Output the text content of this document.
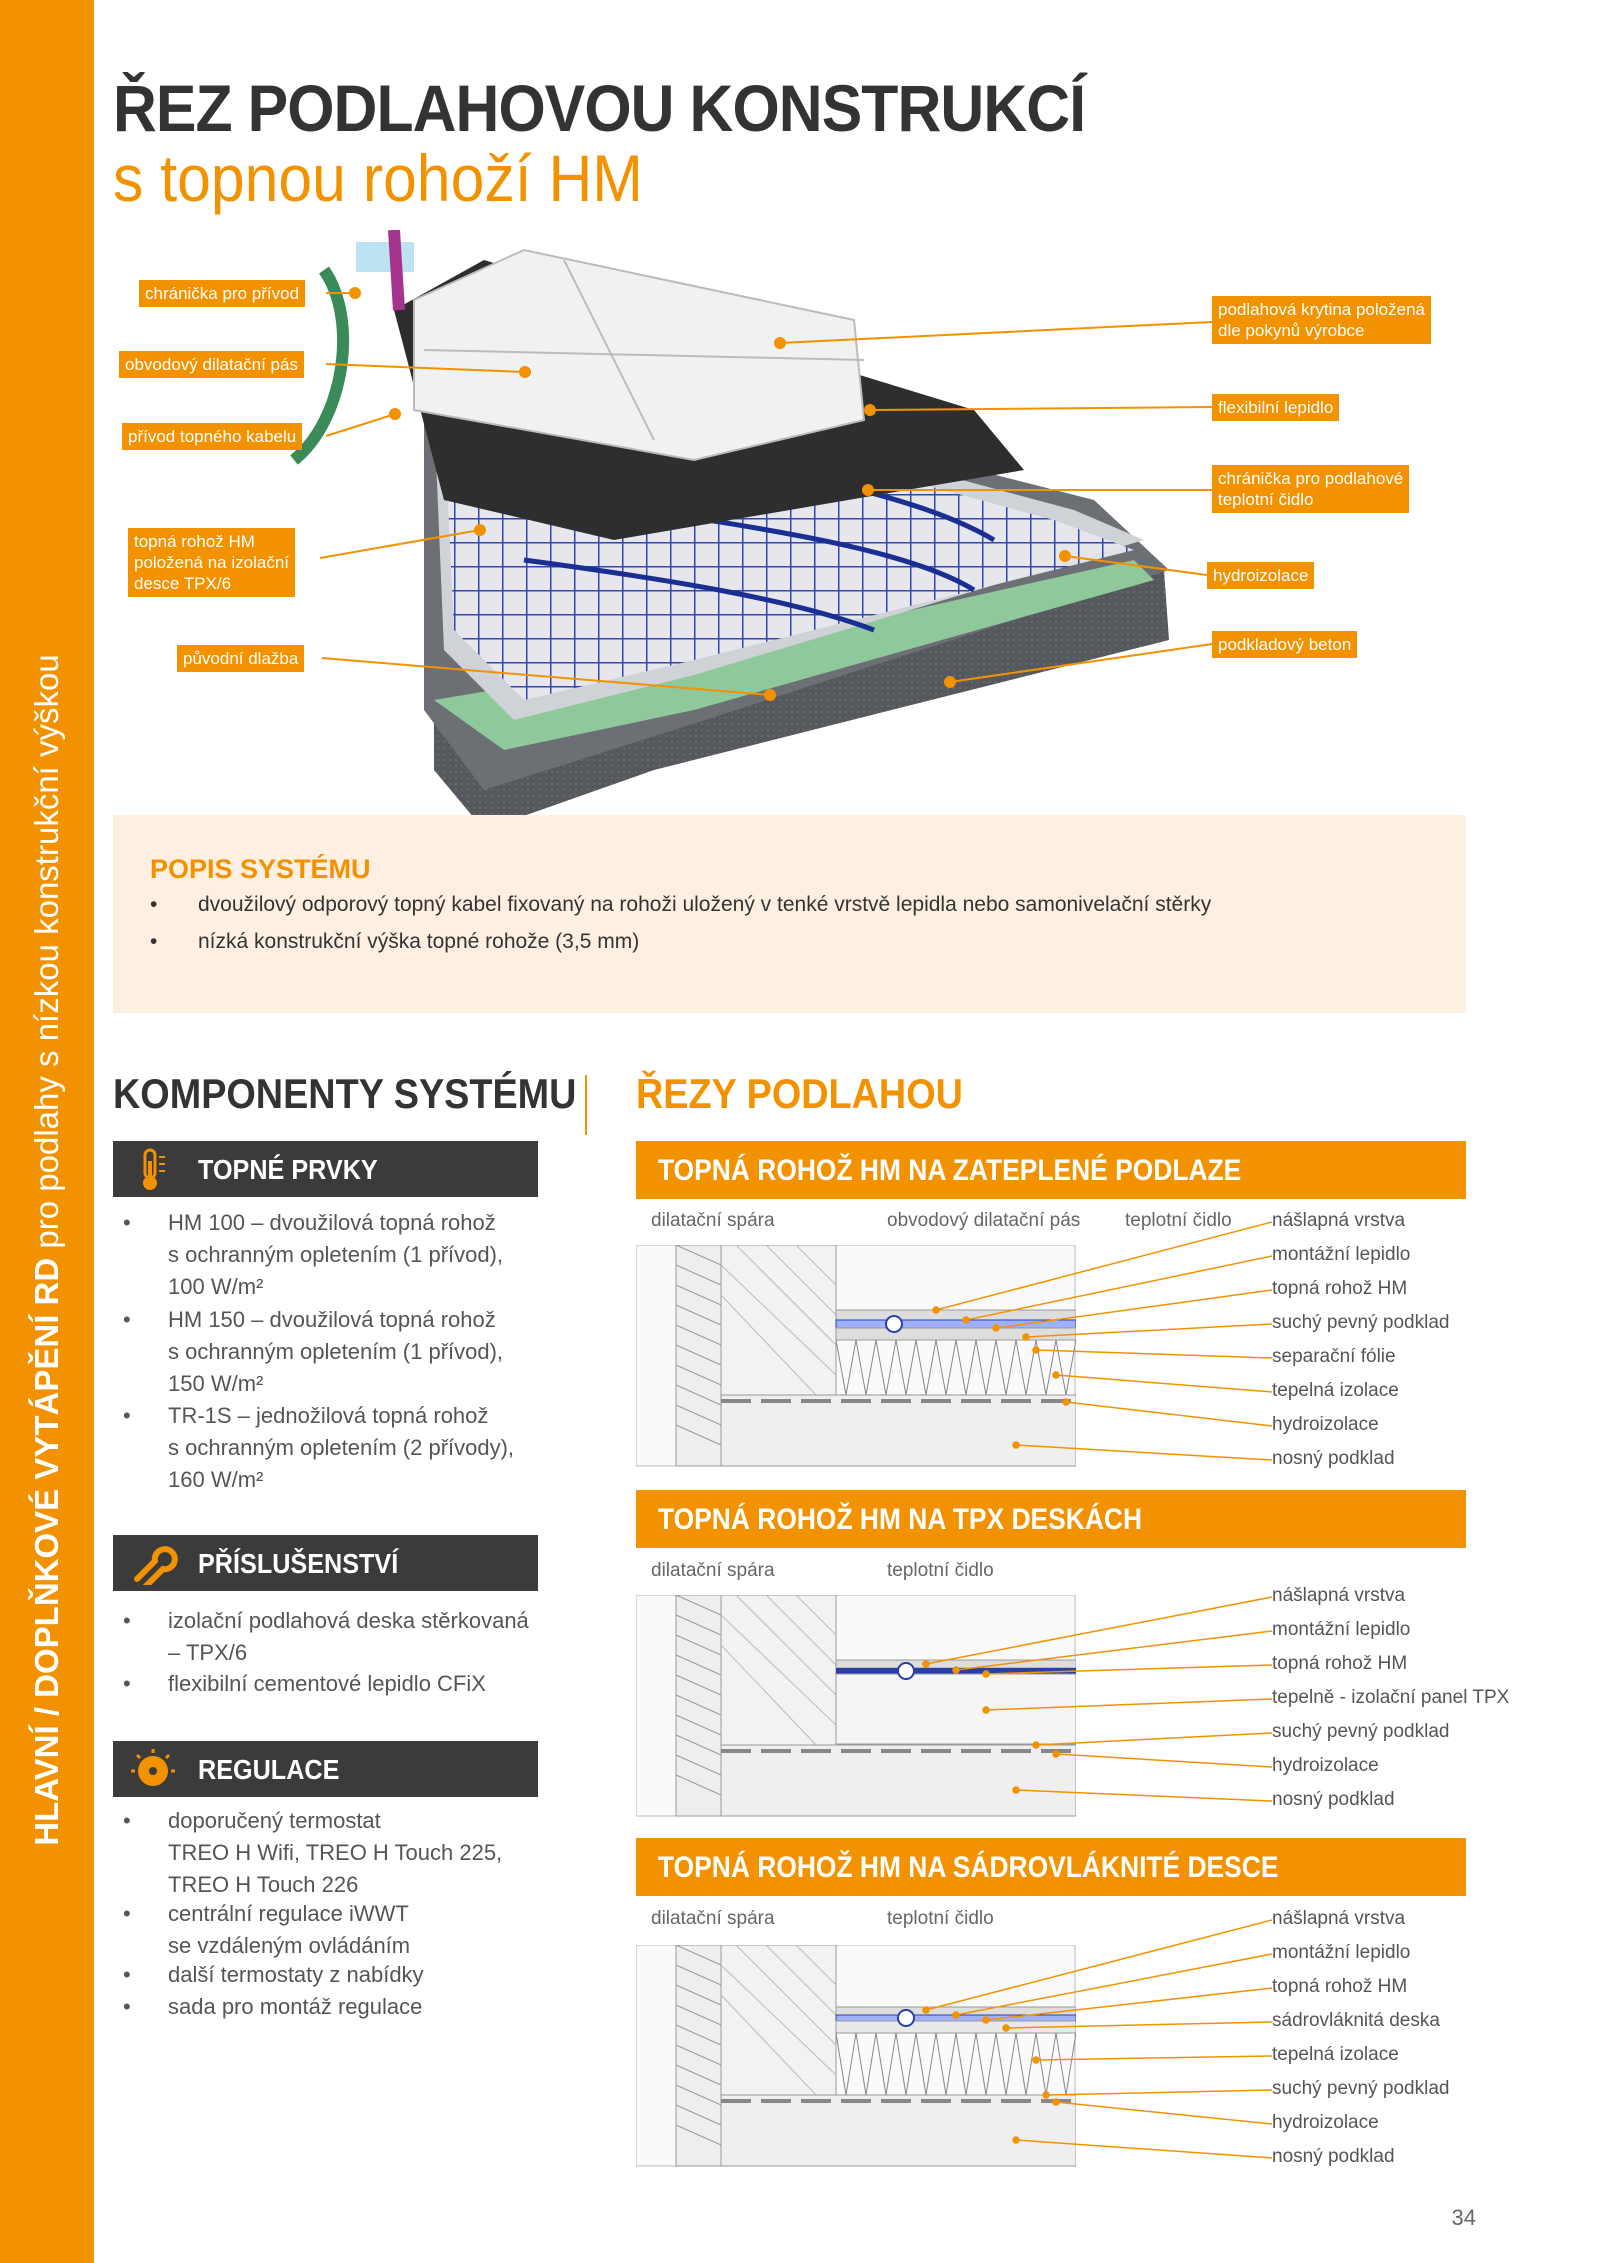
HLAVNÍ / DOPLŇKOVÉ VYTÁPĚNÍ RD pro podlahy s nízkou konstrukční výškou
ŘEZ PODLAHOVOU KONSTRUKCÍ
s topnou rohoží HM
chránička pro přívod
obvodový dilatační pás
přívod topného kabelu
topná rohož HM
položená na izolační
desce TPX/6
původní dlažba
podlahová krytina položená
dle pokynů výrobce
flexibilní lepidlo
chránička pro podlahové
teplotní čidlo
hydroizolace
podkladový beton
POPIS SYSTÉMU
• dvoužilový odporový topný kabel fixovaný na rohoži uložený v tenké vrstvě lepidla nebo samonivelační stěrky
• nízká konstrukční výška topné rohože (3,5 mm)
KOMPONENTY SYSTÉMU
TOPNÉ PRVKY
• HM 100 – dvoužilová topná rohož
s ochranným opletením (1 přívod),
100 W/m²
• HM 150 – dvoužilová topná rohož
s ochranným opletením (1 přívod),
150 W/m²
• TR-1S – jednožilová topná rohož
s ochranným opletením (2 přívody),
160 W/m²
PŘÍSLUŠENSTVÍ
• izolační podlahová deska stěrkovaná
– TPX/6
• flexibilní cementové lepidlo CFiX
REGULACE
• doporučený termostat
TREO H Wifi, TREO H Touch 225,
TREO H Touch 226
• centrální regulace iWWT
se vzdáleným ovládáním
• další termostaty z nabídky
• sada pro montáž regulace
ŘEZY PODLAHOU
TOPNÁ ROHOŽ HM NA ZATEPLENÉ PODLAZE
dilatační spára	obvodový dilatační pás teplotní čidlo nášlapná vrstva
montážní lepidlo
topná rohož HM
suchý pevný podklad
separační fólie
tepelná izolace
hydroizolace
nosný podklad
TOPNÁ ROHOŽ HM NA TPX DESKÁCH
dilatační spára	teplotní čidlo
nášlapná vrstva
montážní lepidlo
topná rohož HM
tepelně - izolační panel TPX
suchý pevný podklad
hydroizolace
nosný podklad
TOPNÁ ROHOŽ HM NA SÁDROVLÁKNITÉ DESCE
dilatační spára	teplotní čidlo	nášlapná vrstva
montážní lepidlo
topná rohož HM
sádrovláknitá deska
tepelná izolace
suchý pevný podklad
hydroizolace
nosný podklad
34
